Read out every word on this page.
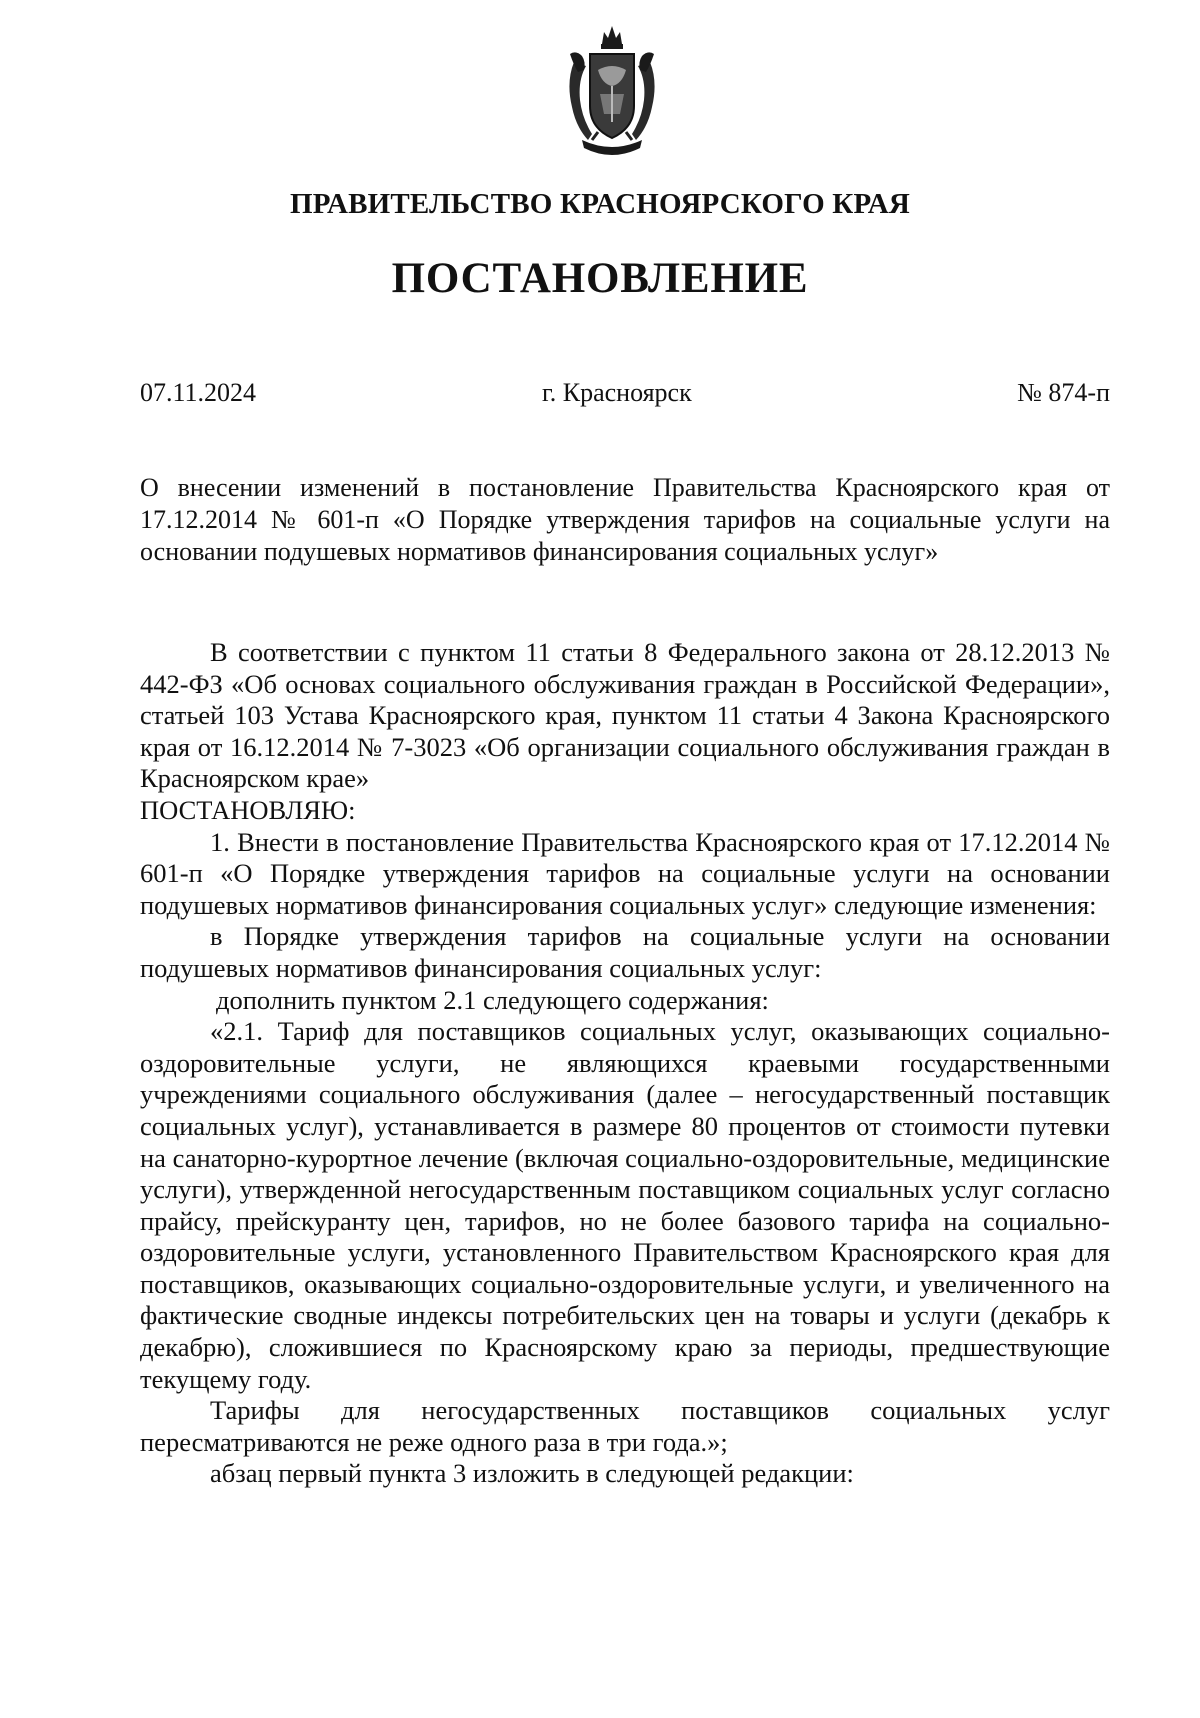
ПРАВИТЕЛЬСТВО КРАСНОЯРСКОГО КРАЯ
ПОСТАНОВЛЕНИЕ
07.11.2024	г. Красноярск	№ 874-п
О внесении изменений в постановление Правительства Красноярского края от 17.12.2014 № 601-п «О Порядке утверждения тарифов на социальные услуги на основании подушевых нормативов финансирования социальных услуг»

В соответствии с пунктом 11 статьи 8 Федерального закона от 28.12.2013 № 442-ФЗ «Об основах социального обслуживания граждан в Российской Федерации», статьей 103 Устава Красноярского края, пунктом 11 статьи 4 Закона Красноярского края от 16.12.2014 № 7-3023 «Об организации социального обслуживания граждан в Красноярском крае»

ПОСТАНОВЛЯЮ:

1. Внести в постановление Правительства Красноярского края от 17.12.2014 № 601-п «О Порядке утверждения тарифов на социальные услуги на основании подушевых нормативов финансирования социальных услуг» следующие изменения:

в Порядке утверждения тарифов на социальные услуги на основании подушевых нормативов финансирования социальных услуг:

дополнить пунктом 2.1 следующего содержания:

«2.1. Тариф для поставщиков социальных услуг, оказывающих социально-оздоровительные услуги, не являющихся краевыми государственными учреждениями социального обслуживания (далее – негосударственный поставщик социальных услуг), устанавливается в размере 80 процентов от стоимости путевки на санаторно-курортное лечение (включая социально-оздоровительные, медицинские услуги), утвержденной негосударственным поставщиком социальных услуг согласно прайсу, прейскуранту цен, тарифов, но не более базового тарифа на социально-оздоровительные услуги, установленного Правительством Красноярского края для поставщиков, оказывающих социально-оздоровительные услуги, и увеличенного на фактические сводные индексы потребительских цен на товары и услуги (декабрь к декабрю), сложившиеся по Красноярскому краю за периоды, предшествующие текущему году.

Тарифы для негосударственных поставщиков социальных услуг пересматриваются не реже одного раза в три года.»;

абзац первый пункта 3 изложить в следующей редакции:
